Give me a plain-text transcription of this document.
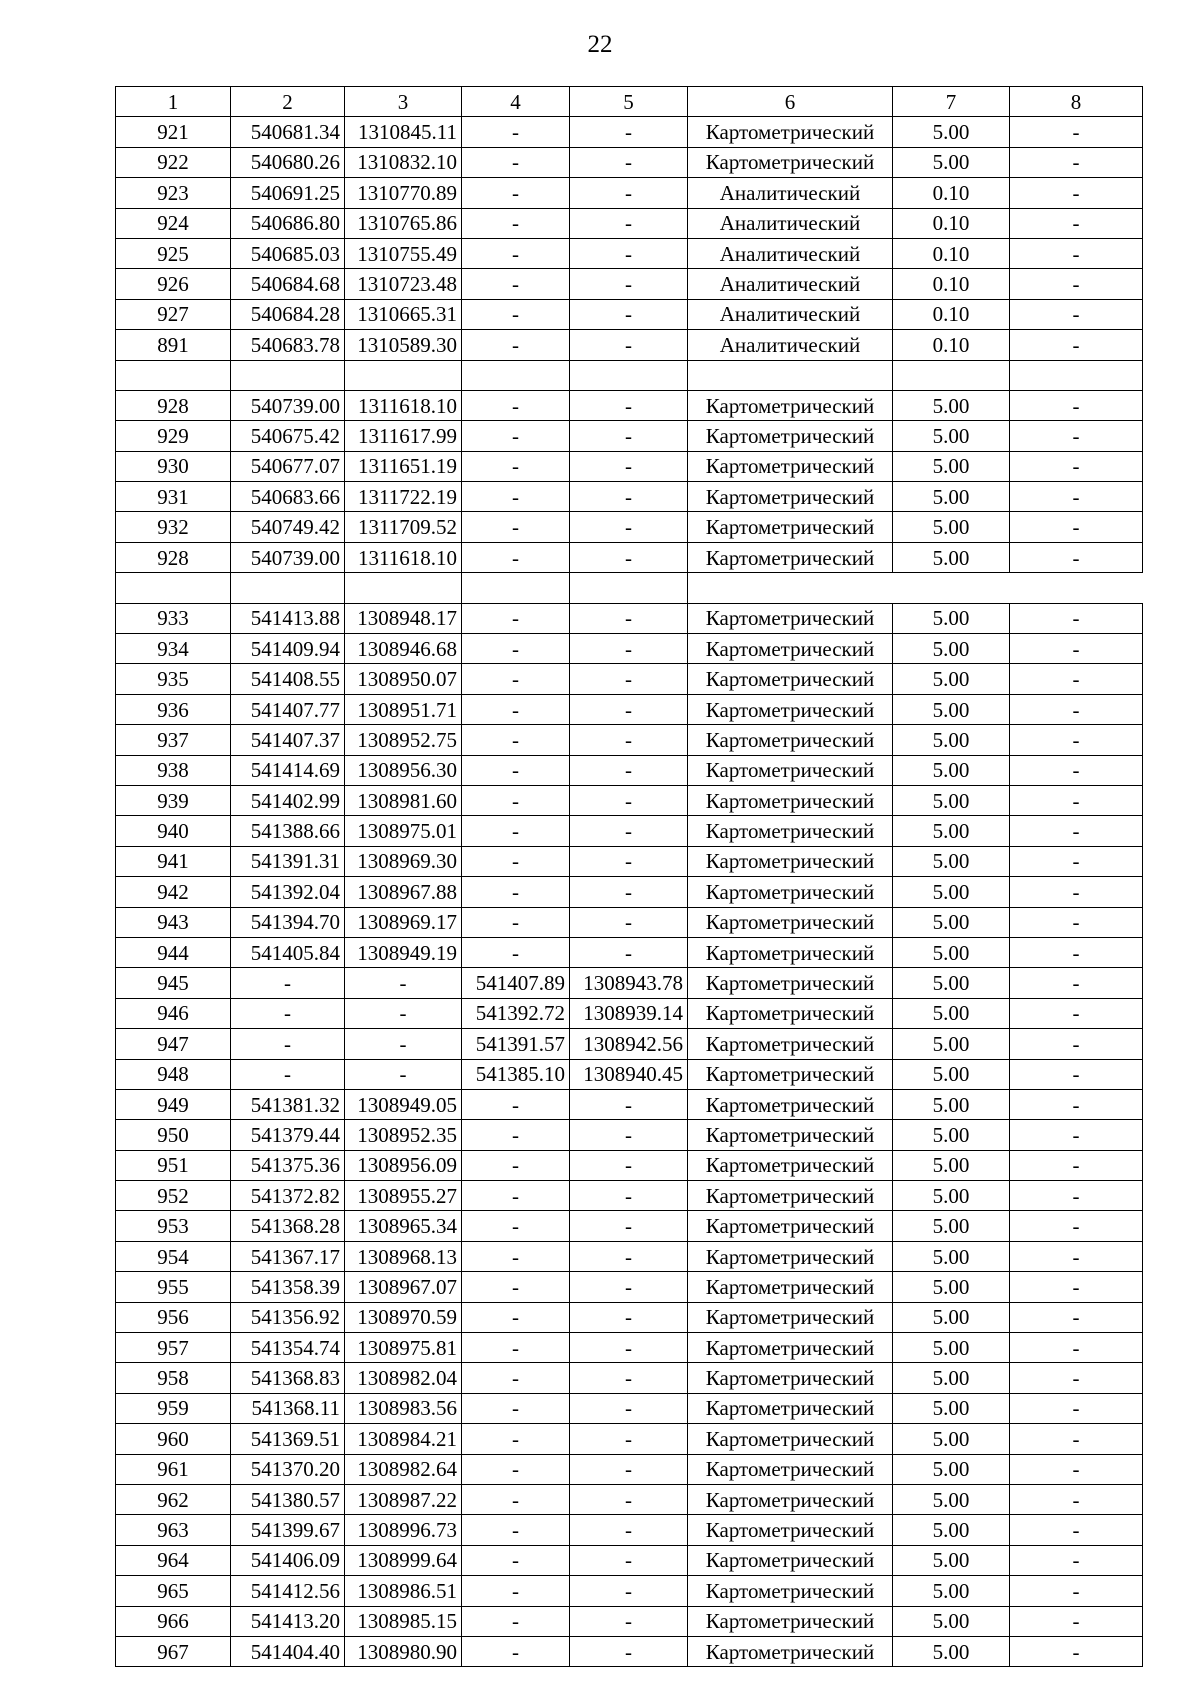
22
1	2	3	4	5	6	7	8
921	540681.34	1310845.11	-	-	Картометрический	5.00	-
922	540680.26	1310832.10	-	-	Картометрический	5.00	-
923	540691.25	1310770.89	-	-	Аналитический	0.10	-
924	540686.80	1310765.86	-	-	Аналитический	0.10	-
925	540685.03	1310755.49	-	-	Аналитический	0.10	-
926	540684.68	1310723.48	-	-	Аналитический	0.10	-
927	540684.28	1310665.31	-	-	Аналитический	0.10	-
891	540683.78	1310589.30	-	-	Аналитический	0.10	-

928	540739.00	1311618.10	-	-	Картометрический	5.00	-
929	540675.42	1311617.99	-	-	Картометрический	5.00	-
930	540677.07	1311651.19	-	-	Картометрический	5.00	-
931	540683.66	1311722.19	-	-	Картометрический	5.00	-
932	540749.42	1311709.52	-	-	Картометрический	5.00	-
928	540739.00	1311618.10	-	-	Картометрический	5.00	-

933	541413.88	1308948.17	-	-	Картометрический	5.00	-
934	541409.94	1308946.68	-	-	Картометрический	5.00	-
935	541408.55	1308950.07	-	-	Картометрический	5.00	-
936	541407.77	1308951.71	-	-	Картометрический	5.00	-
937	541407.37	1308952.75	-	-	Картометрический	5.00	-
938	541414.69	1308956.30	-	-	Картометрический	5.00	-
939	541402.99	1308981.60	-	-	Картометрический	5.00	-
940	541388.66	1308975.01	-	-	Картометрический	5.00	-
941	541391.31	1308969.30	-	-	Картометрический	5.00	-
942	541392.04	1308967.88	-	-	Картометрический	5.00	-
943	541394.70	1308969.17	-	-	Картометрический	5.00	-
944	541405.84	1308949.19	-	-	Картометрический	5.00	-
945	-	-	541407.89	1308943.78	Картометрический	5.00	-
946	-	-	541392.72	1308939.14	Картометрический	5.00	-
947	-	-	541391.57	1308942.56	Картометрический	5.00	-
948	-	-	541385.10	1308940.45	Картометрический	5.00	-
949	541381.32	1308949.05	-	-	Картометрический	5.00	-
950	541379.44	1308952.35	-	-	Картометрический	5.00	-
951	541375.36	1308956.09	-	-	Картометрический	5.00	-
952	541372.82	1308955.27	-	-	Картометрический	5.00	-
953	541368.28	1308965.34	-	-	Картометрический	5.00	-
954	541367.17	1308968.13	-	-	Картометрический	5.00	-
955	541358.39	1308967.07	-	-	Картометрический	5.00	-
956	541356.92	1308970.59	-	-	Картометрический	5.00	-
957	541354.74	1308975.81	-	-	Картометрический	5.00	-
958	541368.83	1308982.04	-	-	Картометрический	5.00	-
959	541368.11	1308983.56	-	-	Картометрический	5.00	-
960	541369.51	1308984.21	-	-	Картометрический	5.00	-
961	541370.20	1308982.64	-	-	Картометрический	5.00	-
962	541380.57	1308987.22	-	-	Картометрический	5.00	-
963	541399.67	1308996.73	-	-	Картометрический	5.00	-
964	541406.09	1308999.64	-	-	Картометрический	5.00	-
965	541412.56	1308986.51	-	-	Картометрический	5.00	-
966	541413.20	1308985.15	-	-	Картометрический	5.00	-
967	541404.40	1308980.90	-	-	Картометрический	5.00	-
